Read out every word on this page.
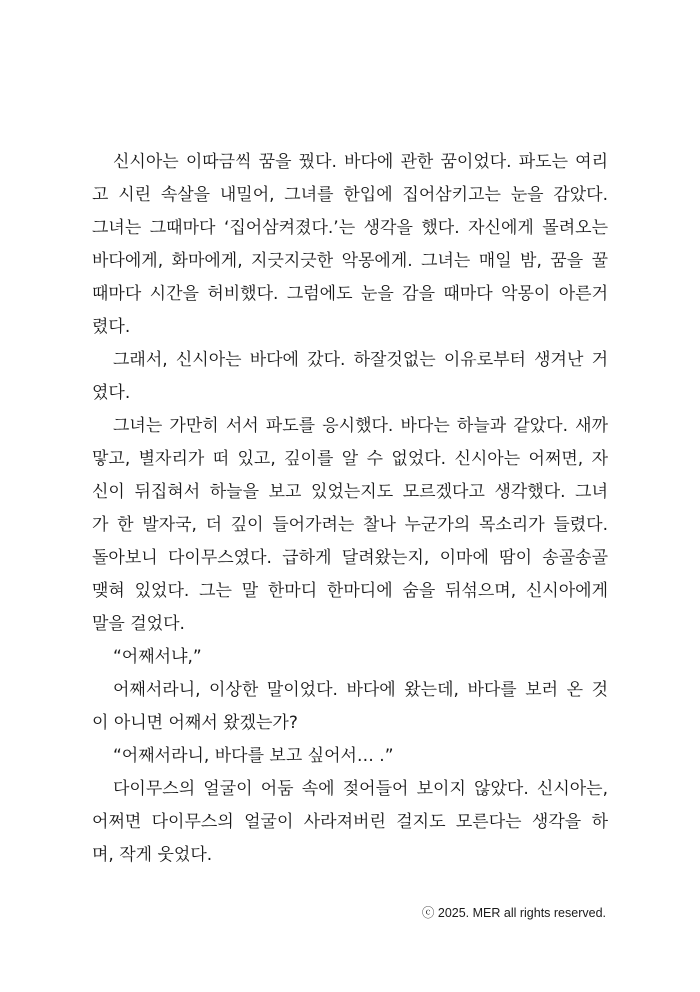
신시아는 이따금씩 꿈을 꿨다. 바다에 관한 꿈이었다. 파도는 여리
고 시린 속살을 내밀어, 그녀를 한입에 집어삼키고는 눈을 감았다.
그녀는 그때마다 ‘집어삼켜졌다.’는 생각을 했다. 자신에게 몰려오는
바다에게, 화마에게, 지긋지긋한 악몽에게. 그녀는 매일 밤, 꿈을 꿀
때마다 시간을 허비했다. 그럼에도 눈을 감을 때마다 악몽이 아른거
렸다.
그래서, 신시아는 바다에 갔다. 하잘것없는 이유로부터 생겨난 거
였다.
그녀는 가만히 서서 파도를 응시했다. 바다는 하늘과 같았다. 새까
맣고, 별자리가 떠 있고, 깊이를 알 수 없었다. 신시아는 어쩌면, 자
신이 뒤집혀서 하늘을 보고 있었는지도 모르겠다고 생각했다. 그녀
가 한 발자국, 더 깊이 들어가려는 찰나 누군가의 목소리가 들렸다.
돌아보니 다이무스였다. 급하게 달려왔는지, 이마에 땀이 송골송골
맺혀 있었다. 그는 말 한마디 한마디에 숨을 뒤섞으며, 신시아에게
말을 걸었다.
“어째서냐,”
어째서라니, 이상한 말이었다. 바다에 왔는데, 바다를 보러 온 것
이 아니면 어째서 왔겠는가?
“어째서라니, 바다를 보고 싶어서… .”
다이무스의 얼굴이 어둠 속에 젖어들어 보이지 않았다. 신시아는,
어쩌면 다이무스의 얼굴이 사라져버린 걸지도 모른다는 생각을 하
며, 작게 웃었다.
ⓒ 2025. MER all rights reserved.
